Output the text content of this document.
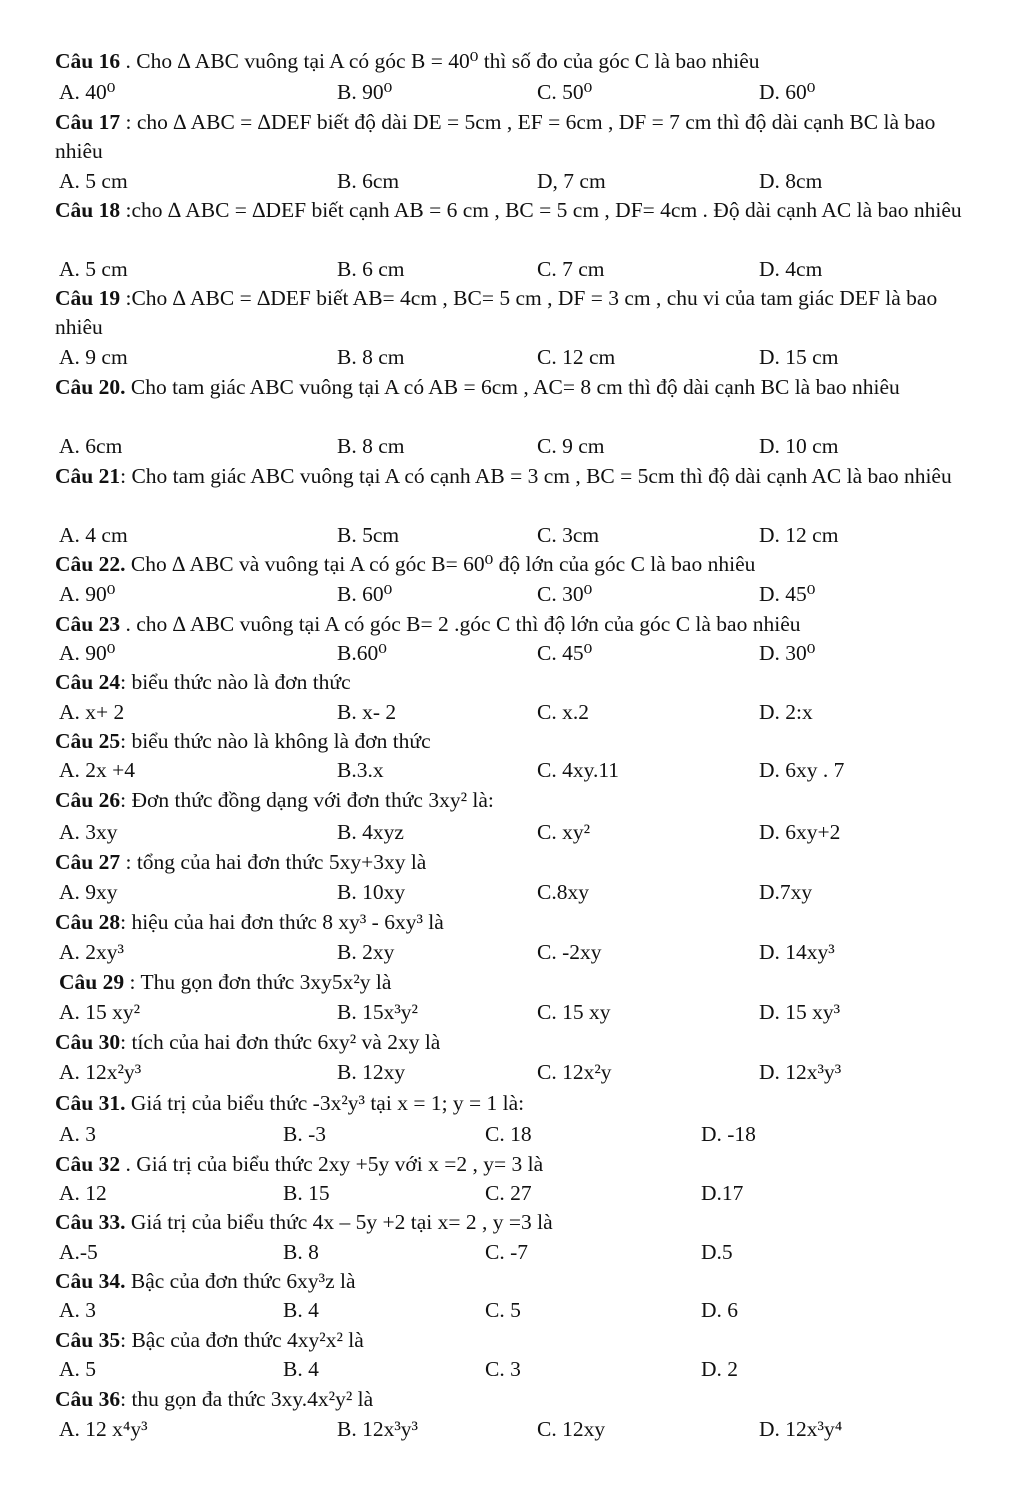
Câu 16 . Cho ∆ ABC vuông tại A có góc B = 40⁰ thì số đo của góc C là bao nhiêu
A. 40⁰	B. 90⁰	C. 50⁰	D. 60⁰
Câu 17 : cho ∆ ABC = ∆DEF biết độ dài DE = 5cm , EF = 6cm , DF = 7 cm thì độ dài cạnh BC là bao nhiêu
A. 5 cm	B. 6cm	D, 7 cm	D. 8cm
Câu 18 :cho ∆ ABC = ∆DEF biết cạnh AB = 6 cm , BC = 5 cm , DF= 4cm . Độ dài cạnh AC là bao nhiêu
A. 5 cm	B. 6 cm	C. 7 cm	D. 4cm
Câu 19 :Cho ∆ ABC = ∆DEF biết AB= 4cm , BC= 5 cm , DF = 3 cm , chu vi của tam giác DEF là bao nhiêu
A. 9 cm	B. 8 cm	C. 12 cm	D. 15 cm
Câu 20. Cho tam giác ABC vuông tại A có AB = 6cm , AC= 8 cm thì độ dài cạnh BC là bao nhiêu
A. 6cm	B. 8 cm	C. 9 cm	D. 10 cm
Câu 21: Cho tam giác ABC vuông tại A có cạnh AB = 3 cm , BC = 5cm thì độ dài cạnh AC là bao nhiêu
A. 4 cm	B. 5cm	C. 3cm	D. 12 cm
Câu 22. Cho ∆ ABC và vuông tại A có góc B= 60⁰ độ lớn của góc C là bao nhiêu
A. 90⁰	B. 60⁰	C. 30⁰	D. 45⁰
Câu 23 . cho ∆ ABC vuông tại A có góc B= 2 .góc C thì độ lớn của góc C là bao nhiêu
A. 90⁰	B.60⁰	C. 45⁰	D. 30⁰
Câu 24: biểu thức nào là đơn thức
A. x+ 2	B. x- 2	C. x.2	D. 2:x
Câu 25: biểu thức nào là không là đơn thức
A. 2x +4	B.3.x	C. 4xy.11	D. 6xy . 7
Câu 26: Đơn thức đồng dạng với đơn thức 3xy² là:
A. 3xy	B. 4xyz	C. xy²	D. 6xy+2
Câu 27 : tổng của hai đơn thức 5xy+3xy là
A. 9xy	B. 10xy	C.8xy	D.7xy
Câu 28: hiệu của hai đơn thức 8 xy³ - 6xy³ là
A. 2xy³	B. 2xy	C. -2xy	D. 14xy³
Câu 29 : Thu gọn đơn thức 3xy5x²y là
A. 15 xy²	B. 15x³y²	C. 15 xy	D. 15 xy³
Câu 30: tích của hai đơn thức 6xy² và 2xy là
A. 12x²y³	B. 12xy	C. 12x²y	D. 12x³y³
Câu 31. Giá trị của biểu thức -3x²y³ tại x = 1; y = 1 là:
A. 3	B. -3	C. 18	D. -18
Câu 32 . Giá trị của biểu thức 2xy +5y với x =2 , y= 3 là
A. 12	B. 15	C. 27	D.17
Câu 33. Giá trị của biểu thức 4x – 5y +2 tại x= 2 , y =3 là
A.-5	B. 8	C. -7	D.5
Câu 34. Bậc của đơn thức 6xy³z là
A. 3	B. 4	C. 5	D. 6
Câu 35: Bậc của đơn thức 4xy²x² là
A. 5	B. 4	C. 3	D. 2
Câu 36: thu gọn đa thức 3xy.4x²y² là
A. 12 x⁴y³	B. 12x³y³	C. 12xy	D. 12x³y⁴
